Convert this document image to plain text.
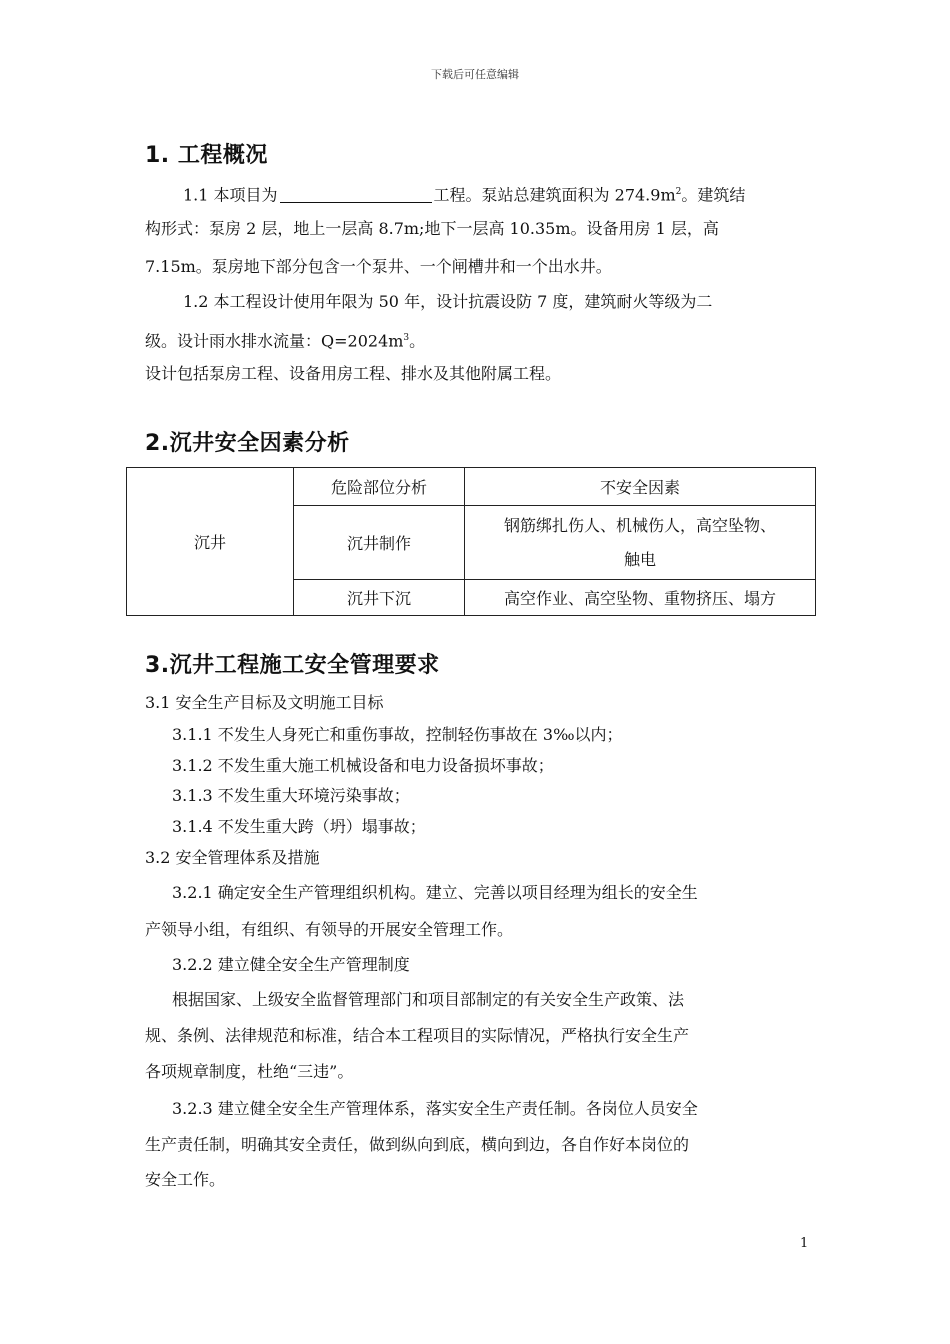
下载后可任意编辑
1. 工程概况
1.1 本项目为	工程。泵站总建筑面积为 $274.9m^2$。建筑结
构形式：泵房 2 层，地上一层高 8.7m;地下一层高 10.35m。设备用房 1 层，高
7.15m。泵房地下部分包含一个泵井、一个闸槽井和一个出水井。
1.2 本工程设计使用年限为 50 年，设计抗震设防 7 度，建筑耐火等级为二
级。设计雨水排水流量：$Q=2024m^3$。
设计包括泵房工程、设备用房工程、排水及其他附属工程。
2.沉井安全因素分析
沉井	危险部位分析	不安全因素
	沉井制作	钢筋绑扎伤人、机械伤人，高空坠物、
触电

	沉井下沉	高空作业、高空坠物、重物挤压、塌方
3.沉井工程施工安全管理要求
3.1 安全生产目标及文明施工目标
3.1.1 不发生人身死亡和重伤事故，控制轻伤事故在 3‰以内；
3.1.2 不发生重大施工机械设备和电力设备损坏事故；
3.1.3 不发生重大环境污染事故；
3.1.4 不发生重大跨（坍）塌事故；
3.2 安全管理体系及措施
3.2.1 确定安全生产管理组织机构。建立、完善以项目经理为组长的安全生
产领导小组，有组织、有领导的开展安全管理工作。
3.2.2 建立健全安全生产管理制度
根据国家、上级安全监督管理部门和项目部制定的有关安全生产政策、法
规、条例、法律规范和标准，结合本工程项目的实际情况，严格执行安全生产
各项规章制度，杜绝“三违”。
3.2.3 建立健全安全生产管理体系，落实安全生产责任制。各岗位人员安全
生产责任制，明确其安全责任，做到纵向到底，横向到边，各自作好本岗位的
安全工作。
1
